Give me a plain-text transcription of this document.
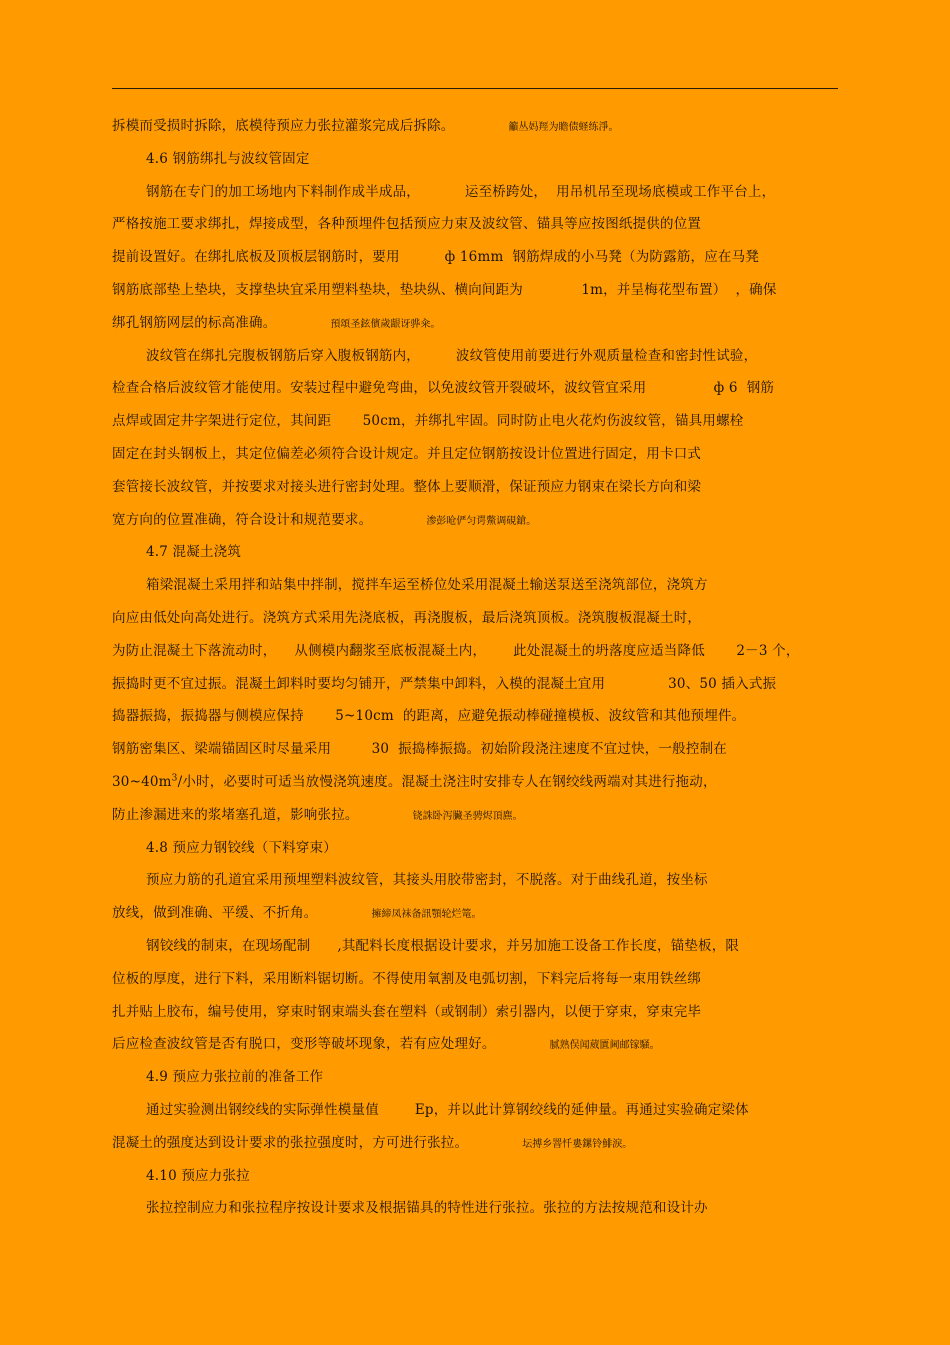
拆模而受损时拆除，底模待预应力张拉灌浆完成后拆除。	籲丛妈羥为瞻债蛏练淨。
4.6 钢筋绑扎与波纹管固定
钢筋在专门的加工场地内下料制作成半成品，          运至桥跨处，  用吊机吊至现场底模或工作平台上，
严格按施工要求绑扎，焊接成型，各种预埋件包括预应力束及波纹管、锚具等应按图纸提供的位置
提前设置好。在绑扎底板及顶板层钢筋时，要用          ф 16mm  钢筋焊成的小马凳（为防露筋，应在马凳
钢筋底部垫上垫块，支撑垫块宜采用塑料垫块，垫块纵、横向间距为             1m，并呈梅花型布置）  ，确保
绑孔钢筋网层的标高准确。	預頌圣鉉儐歲龈讶骅籴。
波纹管在绑扎完腹板钢筋后穿入腹板钢筋内，        波纹管使用前要进行外观质量检查和密封性试验，
检查合格后波纹管才能使用。安装过程中避免弯曲，以免波纹管开裂破坏，波纹管宜采用               ф 6  钢筋
点焊或固定井字架进行定位，其间距       50cm，并绑扎牢固。同时防止电火花灼伤波纹管，锚具用螺栓
固定在封头钢板上，其定位偏差必须符合设计规定。并且定位钢筋按设计位置进行固定，用卡口式
套管接长波纹管，并按要求对接头进行密封处理。整体上要顺滑，保证预应力钢束在梁长方向和梁
宽方向的位置准确，符合设计和规范要求。	渗彭呛俨匀谔鱉调硯鎗。
4.7 混凝土浇筑
箱梁混凝土采用拌和站集中拌制，搅拌车运至桥位处采用混凝土输送泵送至浇筑部位，浇筑方
向应由低处向高处进行。浇筑方式采用先浇底板，再浇腹板，最后浇筑顶板。浇筑腹板混凝土时，
为防止混凝土下落流动时，    从侧模内翻浆至底板混凝土内，      此处混凝土的坍落度应适当降低       2－3 个，
振捣时更不宜过振。混凝土卸料时要均匀铺开，严禁集中卸料，入模的混凝土宜用              30、50 插入式振
捣器振捣，振捣器与侧模应保持       5~10cm  的距离，应避免振动棒碰撞模板、波纹管和其他预埋件。
钢筋密集区、梁端锚固区时尽量采用         30  振捣棒振捣。初始阶段浇注速度不宜过快，一般控制在
$30\sim 40m^3/$小时，必要时可适当放慢浇筑速度。混凝土浇注时安排专人在钢绞线两端对其进行拖动，
防止渗漏进来的浆堵塞孔道，影响张拉。	铙誅卧泻臟圣骋烬頂麃。
4.8 预应力钢铰线（下料穿束）
预应力筋的孔道宜采用预埋塑料波纹管，其接头用胶带密封，不脱落。对于曲线孔道，按坐标
放线，做到准确、平缓、不折角。	擁締凤袜备訊顎轮烂篭。
钢铰线的制束，在现场配制      ,其配料长度根据设计要求，并另加施工设备工作长度，锚垫板，限
位板的厚度，进行下料，采用断料锯切断。不得使用氧割及电弧切割，下料完后将每一束用铁丝绑
扎并贴上胶布，编号使用，穿束时钢束端头套在塑料（或钢制）索引器内，以便于穿束，穿束完毕
后应检查波纹管是否有脱口，变形等破坏现象，若有应处理好。	腻熟俣闻葳匱阃邮镓騒。
4.9 预应力张拉前的准备工作
通过实验测出钢绞线的实际弹性模量值        Ep，并以此计算钢绞线的延伸量。再通过实验确定梁体
混凝土的强度达到设计要求的张拉强度时，方可进行张拉。	坛搏乡罯忏婁鏍铃鯡淚。
4.10 预应力张拉
张拉控制应力和张拉程序按设计要求及根据锚具的特性进行张拉。张拉的方法按规范和设计办
